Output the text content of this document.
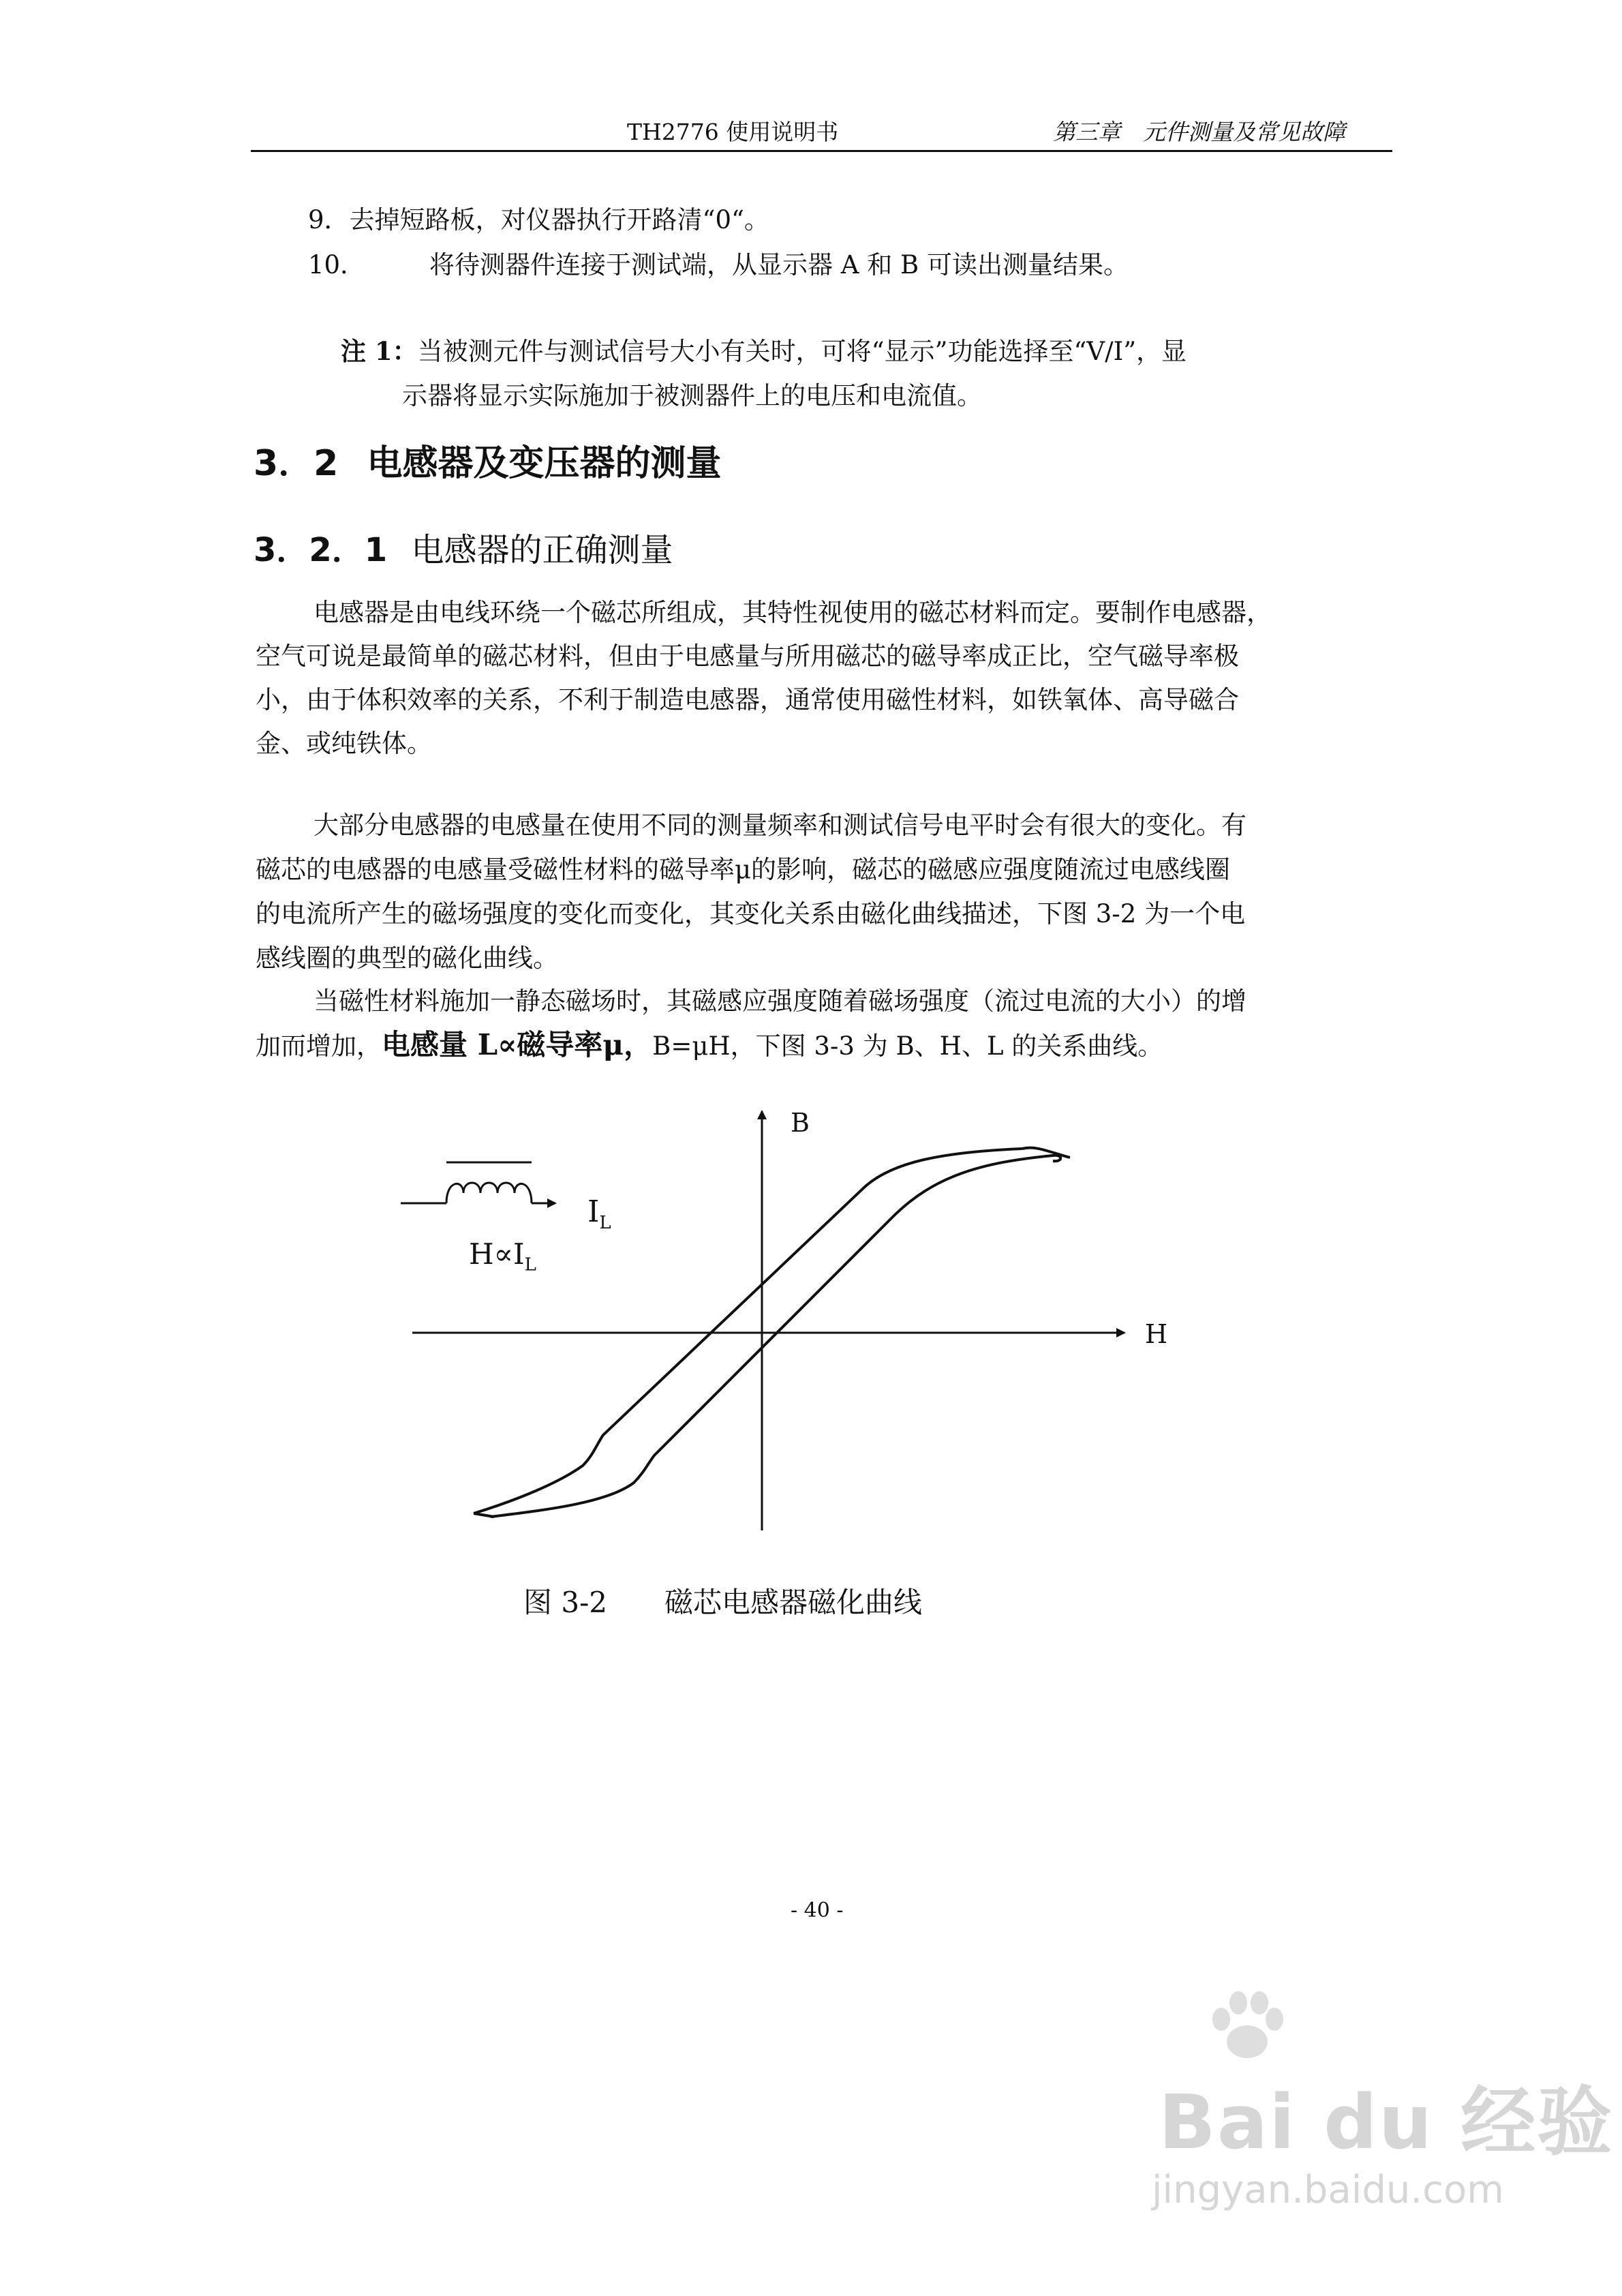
TH2776 使用说明书	第三章　元件测量及常见故障
9．去掉短路板，对仪器执行开路清“0“。
10．	将待测器件连接于测试端，从显示器 A 和 B 可读出测量结果。
注 1：当被测元件与测试信号大小有关时，可将“显示”功能选择至“V/I”，显
示器将显示实际施加于被测器件上的电压和电流值。
3．2 电感器及变压器的测量
3．2．1 电感器的正确测量
电感器是由电线环绕一个磁芯所组成，其特性视使用的磁芯材料而定。要制作电感器，
空气可说是最简单的磁芯材料，但由于电感量与所用磁芯的磁导率成正比，空气磁导率极
小，由于体积效率的关系，不利于制造电感器，通常使用磁性材料，如铁氧体、高导磁合
金、或纯铁体。
大部分电感器的电感量在使用不同的测量频率和测试信号电平时会有很大的变化。有
磁芯的电感器的电感量受磁性材料的磁导率μ的影响，磁芯的磁感应强度随流过电感线圈
的电流所产生的磁场强度的变化而变化，其变化关系由磁化曲线描述，下图 3-2 为一个电
感线圈的典型的磁化曲线。
当磁性材料施加一静态磁场时，其磁感应强度随着磁场强度（流过电流的大小）的增
加而增加，电感量 L∝磁导率μ，B=μH，下图 3-3 为 B、H、L 的关系曲线。
B
H
$I_L$
$H\propto I_L$
图 3-2　　磁芯电感器磁化曲线
- 40 -
Bai du 经验
jingyan.baidu.com
